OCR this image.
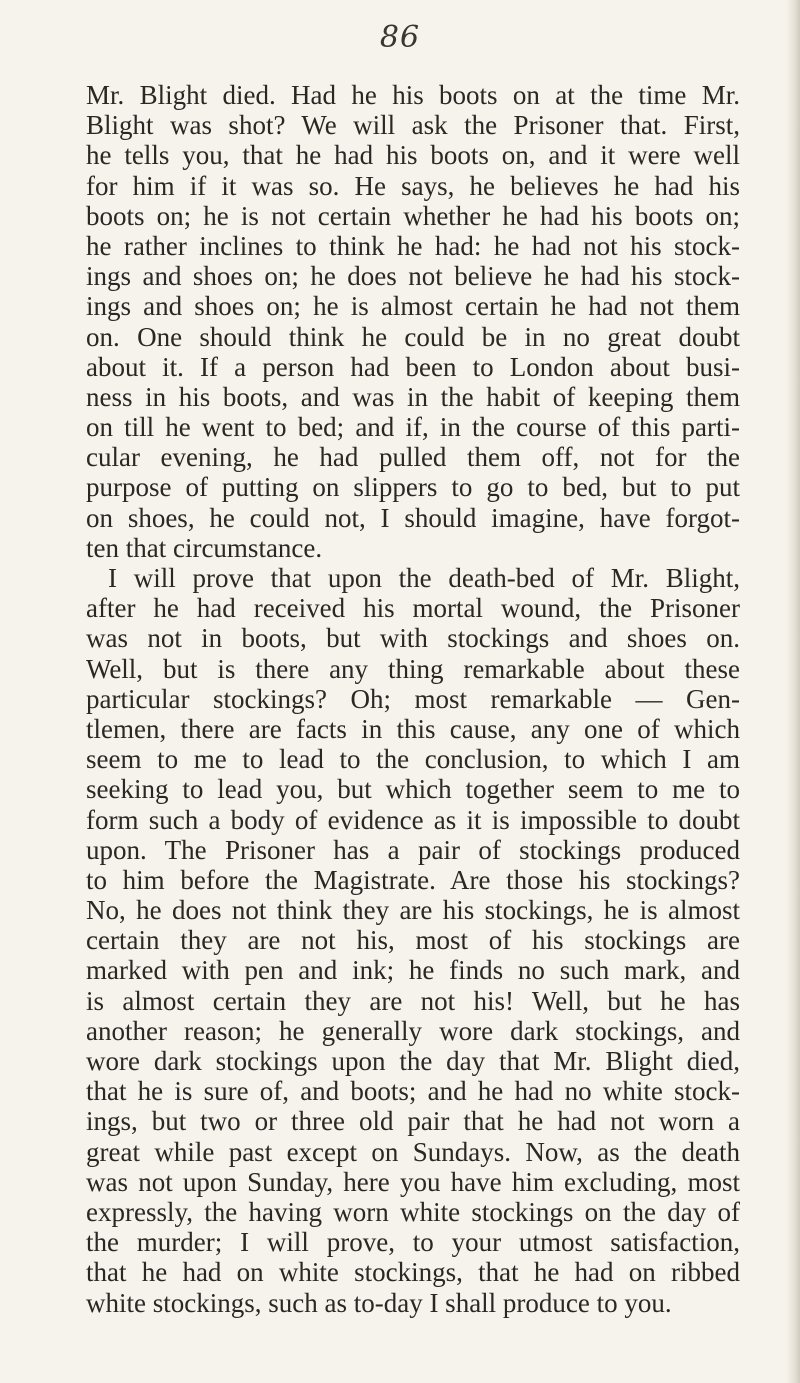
86
Mr. Blight died. Had he his boots on at the time Mr.
Blight was shot? We will ask the Prisoner that. First,
he tells you, that he had his boots on, and it were well
for him if it was so. He says, he believes he had his
boots on; he is not certain whether he had his boots on;
he rather inclines to think he had: he had not his stock-
ings and shoes on; he does not believe he had his stock-
ings and shoes on; he is almost certain he had not them
on. One should think he could be in no great doubt
about it. If a person had been to London about busi-
ness in his boots, and was in the habit of keeping them
on till he went to bed; and if, in the course of this parti-
cular evening, he had pulled them off, not for the
purpose of putting on slippers to go to bed, but to put
on shoes, he could not, I should imagine, have forgot-
ten that circumstance.
I will prove that upon the death-bed of Mr. Blight,
after he had received his mortal wound, the Prisoner
was not in boots, but with stockings and shoes on.
Well, but is there any thing remarkable about these
particular stockings? Oh; most remarkable — Gen-
tlemen, there are facts in this cause, any one of which
seem to me to lead to the conclusion, to which I am
seeking to lead you, but which together seem to me to
form such a body of evidence as it is impossible to doubt
upon. The Prisoner has a pair of stockings produced
to him before the Magistrate. Are those his stockings?
No, he does not think they are his stockings, he is almost
certain they are not his, most of his stockings are
marked with pen and ink; he finds no such mark, and
is almost certain they are not his! Well, but he has
another reason; he generally wore dark stockings, and
wore dark stockings upon the day that Mr. Blight died,
that he is sure of, and boots; and he had no white stock-
ings, but two or three old pair that he had not worn a
great while past except on Sundays. Now, as the death
was not upon Sunday, here you have him excluding, most
expressly, the having worn white stockings on the day of
the murder; I will prove, to your utmost satisfaction,
that he had on white stockings, that he had on ribbed
white stockings, such as to-day I shall produce to you.
